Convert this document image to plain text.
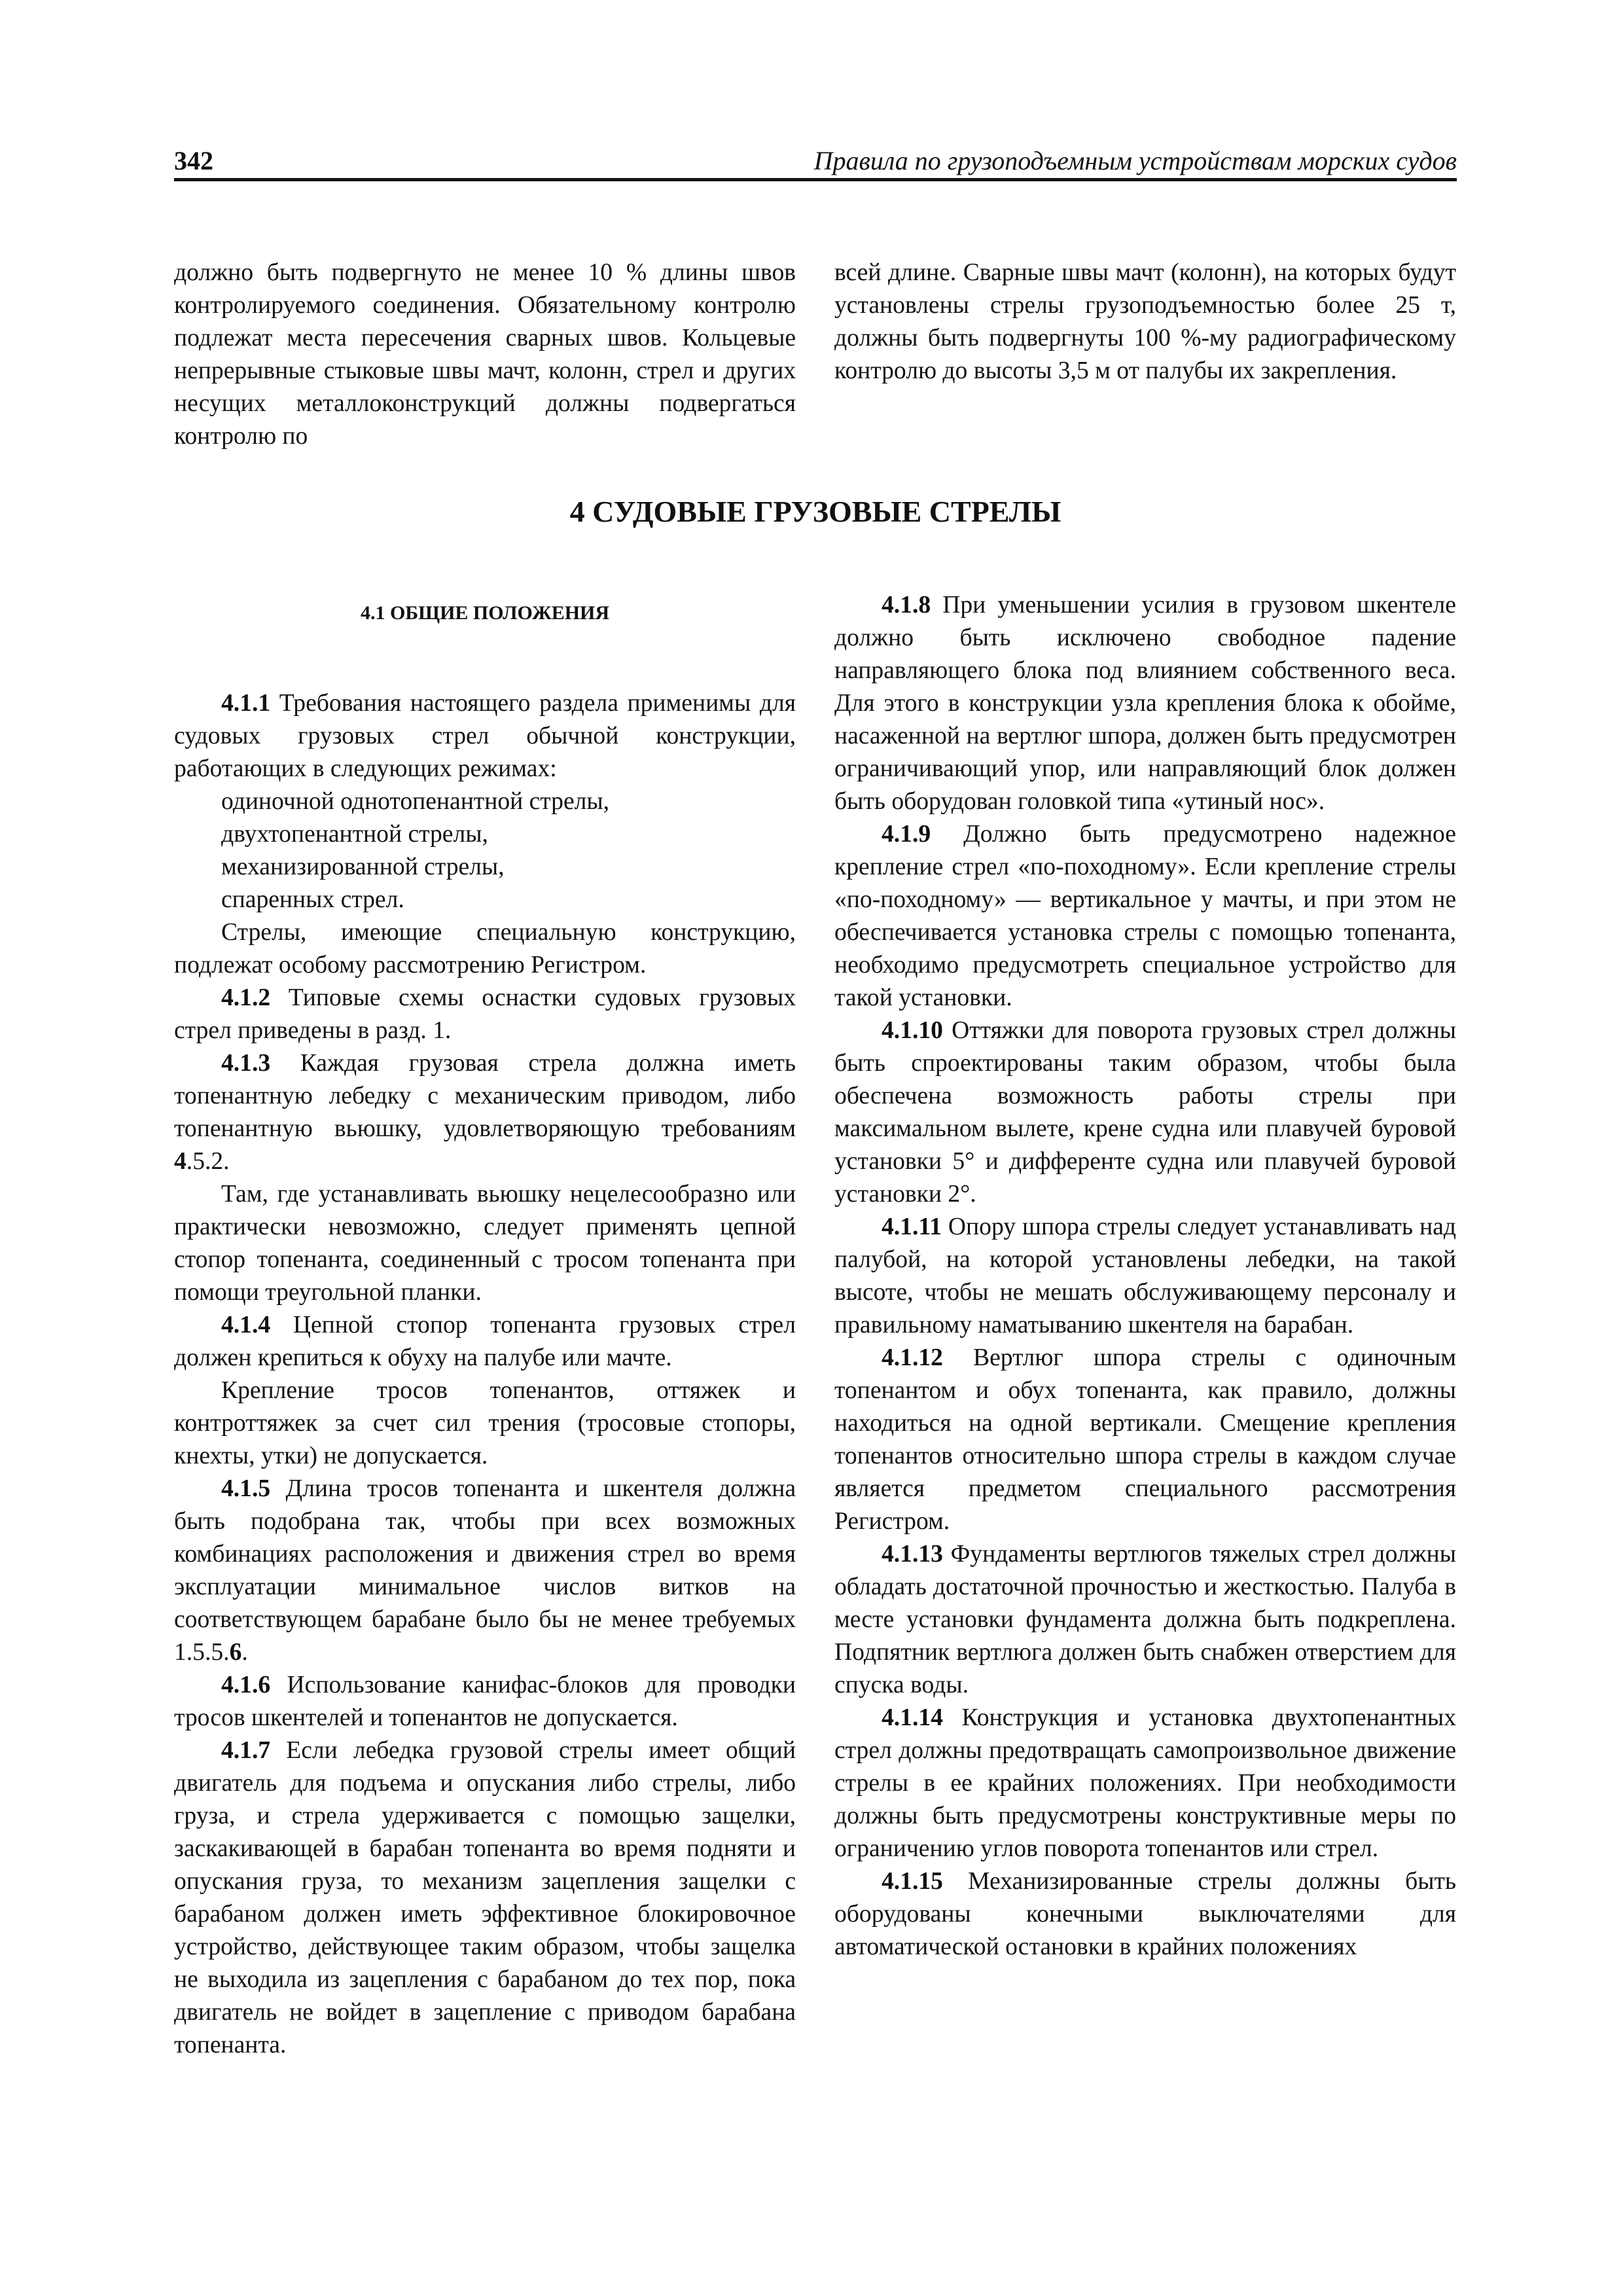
342	Правила по грузоподъемным устройствам морских судов

должно быть подвергнуто не менее 10 % длины швов контролируемого соединения. Обязательному контролю подлежат места пересечения сварных швов. Кольцевые непрерывные стыковые швы мачт, колонн, стрел и других несущих металлоконструкций должны подвергаться контролю по

всей длине. Сварные швы мачт (колонн), на которых будут установлены стрелы грузоподъемностью более 25 т, должны быть подвергнуты 100 %-му радиографическому контролю до высоты 3,5 м от палубы их закрепления.

4 СУДОВЫЕ ГРУЗОВЫЕ СТРЕЛЫ
4.1 ОБЩИЕ ПОЛОЖЕНИЯ

4.1.1 Требования настоящего раздела применимы для судовых грузовых стрел обычной конструкции, работающих в следующих режимах:

одиночной однотопенантной стрелы,

двухтопенантной стрелы,

механизированной стрелы,

спаренных стрел.

Стрелы, имеющие специальную конструкцию, подлежат особому рассмотрению Регистром.

4.1.2 Типовые схемы оснастки судовых грузовых стрел приведены в разд. 1.

4.1.3 Каждая грузовая стрела должна иметь топенантную лебедку с механическим приводом, либо топенантную вьюшку, удовлетворяющую требованиям 4.5.2.

Там, где устанавливать вьюшку нецелесообразно или практически невозможно, следует применять цепной стопор топенанта, соединенный с тросом топенанта при помощи треугольной планки.

4.1.4 Цепной стопор топенанта грузовых стрел должен крепиться к обуху на палубе или мачте.

Крепление тросов топенантов, оттяжек и контроттяжек за счет сил трения (тросовые стопоры, кнехты, утки) не допускается.

4.1.5 Длина тросов топенанта и шкентеля должна быть подобрана так, чтобы при всех возможных комбинациях расположения и движения стрел во время эксплуатации минимальное числов витков на соответствующем барабане было бы не менее требуемых 1.5.5.6.

4.1.6 Использование канифас-блоков для проводки тросов шкентелей и топенантов не допускается.

4.1.7 Если лебедка грузовой стрелы имеет общий двигатель для подъема и опускания либо стрелы, либо груза, и стрела удерживается с помощью защелки, заскакивающей в барабан топенанта во время подняти и опускания груза, то механизм зацепления защелки с барабаном должен иметь эффективное блокировочное устройство, действующее таким образом, чтобы защелка не выходила из зацепления с барабаном до тех пор, пока двигатель не войдет в зацепление с приводом барабана топенанта.

4.1.8 При уменьшении усилия в грузовом шкентеле должно быть исключено свободное падение направляющего блока под влиянием собственного веса. Для этого в конструкции узла крепления блока к обойме, насаженной на вертлюг шпора, должен быть предусмотрен ограничивающий упор, или направляющий блок должен быть оборудован головкой типа «утиный нос».

4.1.9 Должно быть предусмотрено надежное крепление стрел «по-походному». Если крепление стрелы «по-походному» — вертикальное у мачты, и при этом не обеспечивается установка стрелы с помощью топенанта, необходимо предусмотреть специальное устройство для такой установки.

4.1.10 Оттяжки для поворота грузовых стрел должны быть спроектированы таким образом, чтобы была обеспечена возможность работы стрелы при максимальном вылете, крене судна или плавучей буровой установки 5° и дифференте судна или плавучей буровой установки 2°.

4.1.11 Опору шпора стрелы следует устанавливать над палубой, на которой установлены лебедки, на такой высоте, чтобы не мешать обслуживающему персоналу и правильному наматыванию шкентеля на барабан.

4.1.12 Вертлюг шпора стрелы с одиночным топенантом и обух топенанта, как правило, должны находиться на одной вертикали. Смещение крепления топенантов относительно шпора стрелы в каждом случае является предметом специального рассмотрения Регистром.

4.1.13 Фундаменты вертлюгов тяжелых стрел должны обладать достаточной прочностью и жесткостью. Палуба в месте установки фундамента должна быть подкреплена. Подпятник вертлюга должен быть снабжен отверстием для спуска воды.

4.1.14 Конструкция и установка двухтопенантных стрел должны предотвращать самопроизвольное движение стрелы в ее крайних положениях. При необходимости должны быть предусмотрены конструктивные меры по ограничению углов поворота топенантов или стрел.

4.1.15 Механизированные стрелы должны быть оборудованы конечными выключателями для автоматической остановки в крайних положениях
